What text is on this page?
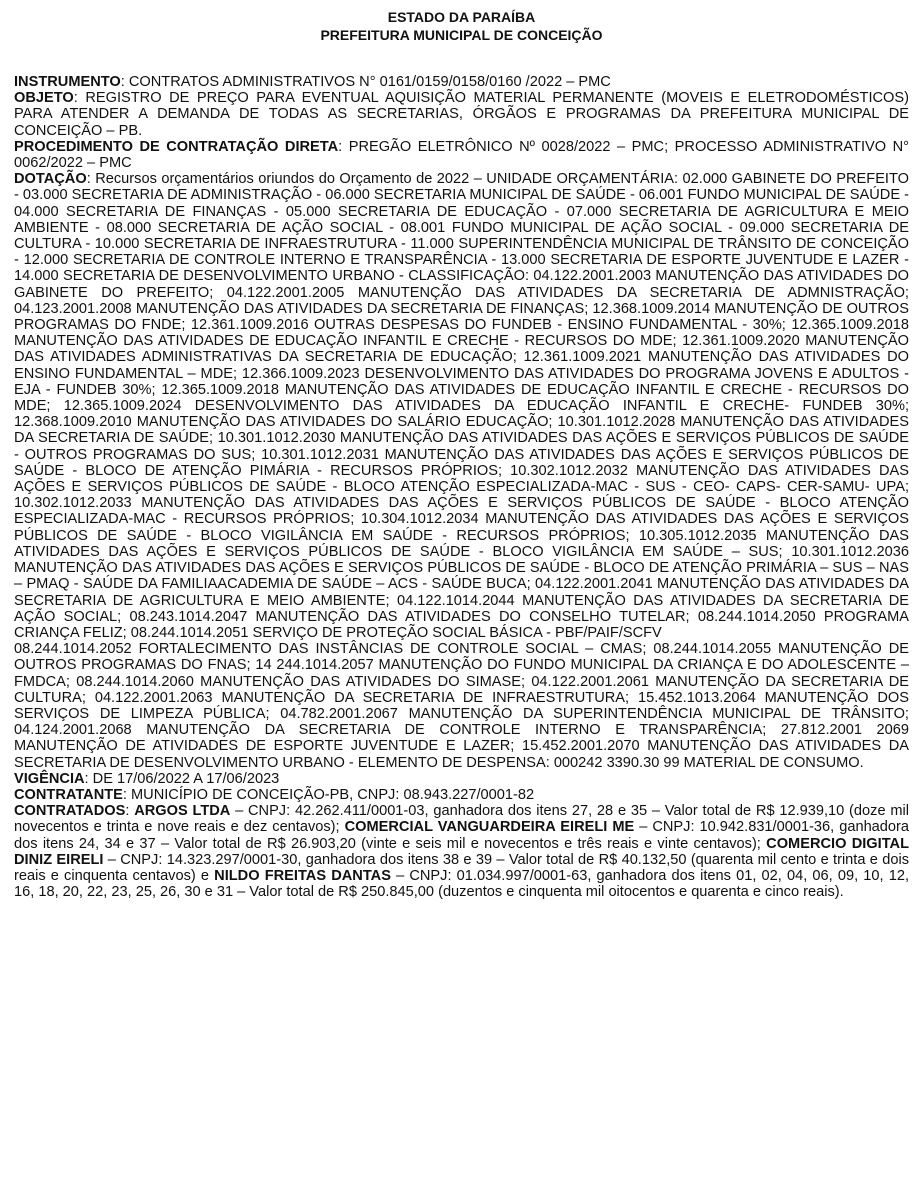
ESTADO DA PARAÍBA
PREFEITURA MUNICIPAL DE CONCEIÇÃO

INSTRUMENTO: CONTRATOS ADMINISTRATIVOS N° 0161/0159/0158/0160 /2022 – PMC

OBJETO: REGISTRO DE PREÇO PARA EVENTUAL AQUISIÇÃO MATERIAL PERMANENTE (MOVEIS E ELETRODOMÉSTICOS) PARA ATENDER A DEMANDA DE TODAS AS SECRETARIAS, ÓRGÃOS E PROGRAMAS DA PREFEITURA MUNICIPAL DE CONCEIÇÃO – PB.

PROCEDIMENTO DE CONTRATAÇÃO DIRETA: PREGÃO ELETRÔNICO Nº 0028/2022 – PMC; PROCESSO ADMINISTRATIVO N° 0062/2022 – PMC

DOTAÇÃO: Recursos orçamentários oriundos do Orçamento de 2022 – UNIDADE ORÇAMENTÁRIA: 02.000 GABINETE DO PREFEITO - 03.000 SECRETARIA DE ADMINISTRAÇÃO - 06.000 SECRETARIA MUNICIPAL DE SAÚDE - 06.001 FUNDO MUNICIPAL DE SAÚDE - 04.000 SECRETARIA DE FINANÇAS - 05.000 SECRETARIA DE EDUCAÇÃO - 07.000 SECRETARIA DE AGRICULTURA E MEIO AMBIENTE - 08.000 SECRETARIA DE AÇÃO SOCIAL - 08.001 FUNDO MUNICIPAL DE AÇÃO SOCIAL - 09.000 SECRETARIA DE CULTURA - 10.000 SECRETARIA DE INFRAESTRUTURA - 11.000 SUPERINTENDÊNCIA MUNICIPAL DE TRÂNSITO DE CONCEIÇÃO - 12.000 SECRETARIA DE CONTROLE INTERNO E TRANSPARÊNCIA - 13.000 SECRETARIA DE ESPORTE JUVENTUDE E LAZER - 14.000 SECRETARIA DE DESENVOLVIMENTO URBANO - CLASSIFICAÇÃO: 04.122.2001.2003 MANUTENÇÃO DAS ATIVIDADES DO GABINETE DO PREFEITO; 04.122.2001.2005 MANUTENÇÃO DAS ATIVIDADES DA SECRETARIA DE ADMNISTRAÇÃO; 04.123.2001.2008 MANUTENÇÃO DAS ATIVIDADES DA SECRETARIA DE FINANÇAS; 12.368.1009.2014 MANUTENÇÃO DE OUTROS PROGRAMAS DO FNDE; 12.361.1009.2016 OUTRAS DESPESAS DO FUNDEB - ENSINO FUNDAMENTAL - 30%; 12.365.1009.2018 MANUTENÇÃO DAS ATIVIDADES DE EDUCAÇÃO INFANTIL E CRECHE - RECURSOS DO MDE; 12.361.1009.2020 MANUTENÇÃO DAS ATIVIDADES ADMINISTRATIVAS DA SECRETARIA DE EDUCAÇÃO; 12.361.1009.2021 MANUTENÇÃO DAS ATIVIDADES DO ENSINO FUNDAMENTAL – MDE; 12.366.1009.2023 DESENVOLVIMENTO DAS ATIVIDADES DO PROGRAMA JOVENS E ADULTOS - EJA - FUNDEB 30%; 12.365.1009.2018 MANUTENÇÃO DAS ATIVIDADES DE EDUCAÇÃO INFANTIL E CRECHE - RECURSOS DO MDE; 12.365.1009.2024 DESENVOLVIMENTO DAS ATIVIDADES DA EDUCAÇÃO INFANTIL E CRECHE- FUNDEB 30%; 12.368.1009.2010 MANUTENÇÃO DAS ATIVIDADES DO SALÁRIO EDUCAÇÃO; 10.301.1012.2028 MANUTENÇÃO DAS ATIVIDADES DA SECRETARIA DE SAÚDE; 10.301.1012.2030 MANUTENÇÃO DAS ATIVIDADES DAS AÇÕES E SERVIÇOS PÚBLICOS DE SAÚDE - OUTROS PROGRAMAS DO SUS; 10.301.1012.2031 MANUTENÇÃO DAS ATIVIDADES DAS AÇÕES E SERVIÇOS PÚBLICOS DE SAÚDE - BLOCO DE ATENÇÃO PIMÁRIA - RECURSOS PRÓPRIOS; 10.302.1012.2032 MANUTENÇÃO DAS ATIVIDADES DAS AÇÕES E SERVIÇOS PÚBLICOS DE SAÚDE - BLOCO ATENÇÃO ESPECIALIZADA-MAC - SUS - CEO- CAPS- CER-SAMU- UPA; 10.302.1012.2033 MANUTENÇÃO DAS ATIVIDADES DAS AÇÕES E SERVIÇOS PÚBLICOS DE SAÚDE - BLOCO ATENÇÃO ESPECIALIZADA-MAC - RECURSOS PRÓPRIOS; 10.304.1012.2034 MANUTENÇÃO DAS ATIVIDADES DAS AÇÕES E SERVIÇOS PÚBLICOS DE SAÚDE - BLOCO VIGILÂNCIA EM SAÚDE - RECURSOS PRÓPRIOS; 10.305.1012.2035 MANUTENÇÃO DAS ATIVIDADES DAS AÇÕES E SERVIÇOS PÚBLICOS DE SAÚDE - BLOCO VIGILÂNCIA EM SAÚDE – SUS; 10.301.1012.2036 MANUTENÇÃO DAS ATIVIDADES DAS AÇÕES E SERVIÇOS PÚBLICOS DE SAÚDE - BLOCO DE ATENÇÃO PRIMÁRIA – SUS – NAS – PMAQ - SAÚDE DA FAMILIAACADEMIA DE SAÚDE – ACS - SAÚDE BUCA; 04.122.2001.2041 MANUTENÇÃO DAS ATIVIDADES DA SECRETARIA DE AGRICULTURA E MEIO AMBIENTE; 04.122.1014.2044 MANUTENÇÃO DAS ATIVIDADES DA SECRETARIA DE AÇÃO SOCIAL; 08.243.1014.2047 MANUTENÇÃO DAS ATIVIDADES DO CONSELHO TUTELAR; 08.244.1014.2050 PROGRAMA CRIANÇA FELIZ; 08.244.1014.2051 SERVIÇO DE PROTEÇÃO SOCIAL BÁSICA - PBF/PAIF/SCFV

08.244.1014.2052 FORTALECIMENTO DAS INSTÂNCIAS DE CONTROLE SOCIAL – CMAS; 08.244.1014.2055 MANUTENÇÃO DE OUTROS PROGRAMAS DO FNAS; 14 244.1014.2057 MANUTENÇÃO DO FUNDO MUNICIPAL DA CRIANÇA E DO ADOLESCENTE – FMDCA; 08.244.1014.2060 MANUTENÇÃO DAS ATIVIDADES DO SIMASE; 04.122.2001.2061 MANUTENÇÃO DA SECRETARIA DE CULTURA; 04.122.2001.2063 MANUTENÇÃO DA SECRETARIA DE INFRAESTRUTURA; 15.452.1013.2064 MANUTENÇÃO DOS SERVIÇOS DE LIMPEZA PÚBLICA; 04.782.2001.2067 MANUTENÇÃO DA SUPERINTENDÊNCIA MUNICIPAL DE TRÂNSITO; 04.124.2001.2068 MANUTENÇÃO DA SECRETARIA DE CONTROLE INTERNO E TRANSPARÊNCIA; 27.812.2001 2069 MANUTENÇÃO DE ATIVIDADES DE ESPORTE JUVENTUDE E LAZER; 15.452.2001.2070 MANUTENÇÃO DAS ATIVIDADES DA SECRETARIA DE DESENVOLVIMENTO URBANO - ELEMENTO DE DESPENSA: 000242 3390.30 99 MATERIAL DE CONSUMO.

VIGÊNCIA: DE 17/06/2022 A 17/06/2023

CONTRATANTE: MUNICÍPIO DE CONCEIÇÃO-PB, CNPJ: 08.943.227/0001-82

CONTRATADOS: ARGOS LTDA – CNPJ: 42.262.411/0001-03, ganhadora dos itens 27, 28 e 35 – Valor total de R$ 12.939,10 (doze mil novecentos e trinta e nove reais e dez centavos); COMERCIAL VANGUARDEIRA EIRELI ME – CNPJ: 10.942.831/0001-36, ganhadora dos itens 24, 34 e 37 – Valor total de R$ 26.903,20 (vinte e seis mil e novecentos e três reais e vinte centavos); COMERCIO DIGITAL DINIZ EIRELI – CNPJ: 14.323.297/0001-30, ganhadora dos itens 38 e 39 – Valor total de R$ 40.132,50 (quarenta mil cento e trinta e dois reais e cinquenta centavos) e NILDO FREITAS DANTAS – CNPJ: 01.034.997/0001-63, ganhadora dos itens 01, 02, 04, 06, 09, 10, 12, 16, 18, 20, 22, 23, 25, 26, 30 e 31 – Valor total de R$ 250.845,00 (duzentos e cinquenta mil oitocentos e quarenta e cinco reais).
